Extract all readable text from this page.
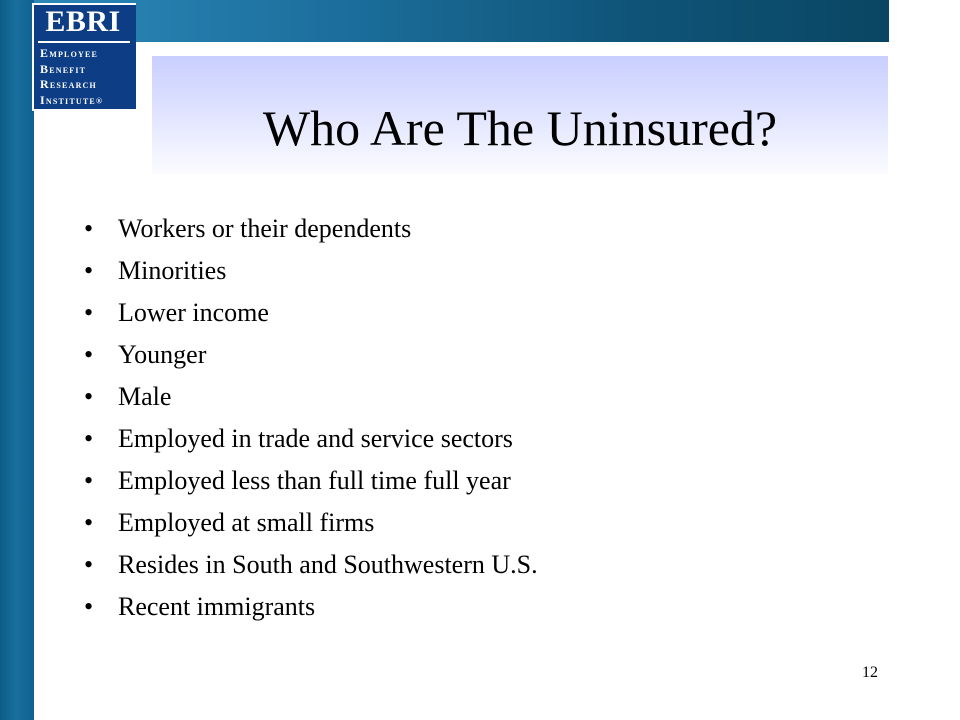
EBRI
Employee
Benefit
Research
Institute®	Who Are The Uninsured?
• Workers or their dependents
• Minorities
• Lower income
• Younger
• Male
• Employed in trade and service sectors
• Employed less than full time full year
• Employed at small firms
• Resides in South and Southwestern U.S.
• Recent immigrants
12
